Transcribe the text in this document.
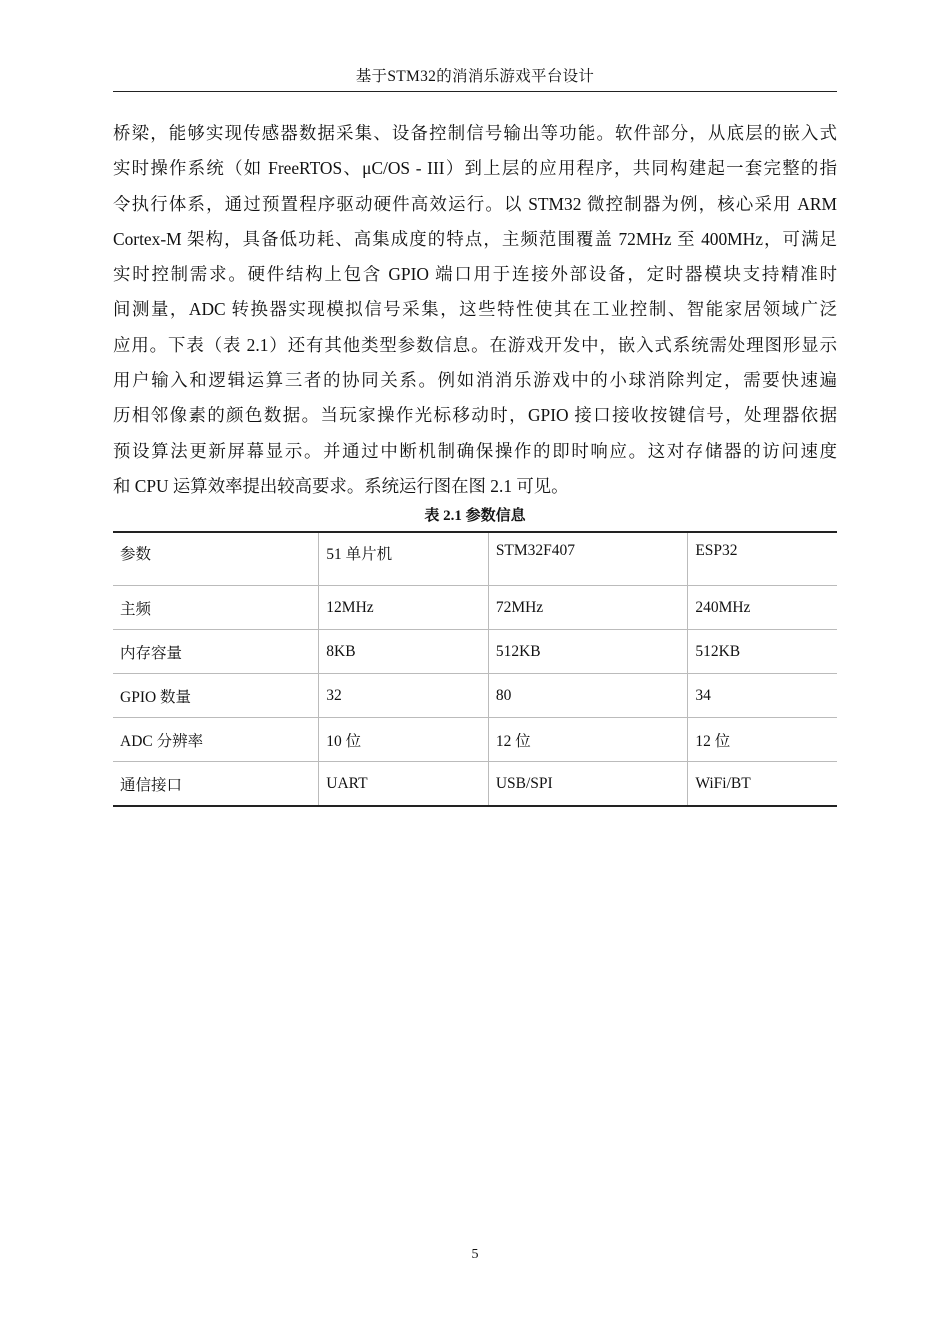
基于STM32的消消乐游戏平台设计

桥梁，能够实现传感器数据采集、设备控制信号输出等功能。软件部分，从底层的嵌入式
实时操作系统（如 FreeRTOS、μC/OS - III）到上层的应用程序，共同构建起一套完整的指
令执行体系，通过预置程序驱动硬件高效运行。以 STM32 微控制器为例，核心采用 ARM
Cortex-M 架构，具备低功耗、高集成度的特点，主频范围覆盖 72MHz 至 400MHz，可满足
实时控制需求。硬件结构上包含 GPIO 端口用于连接外部设备，定时器模块支持精准时
间测量，ADC 转换器实现模拟信号采集，这些特性使其在工业控制、智能家居领域广泛
应用。下表（表 2.1）还有其他类型参数信息。在游戏开发中，嵌入式系统需处理图形显示
用户输入和逻辑运算三者的协同关系。例如消消乐游戏中的小球消除判定，需要快速遍
历相邻像素的颜色数据。当玩家操作光标移动时，GPIO 接口接收按键信号，处理器依据
预设算法更新屏幕显示。并通过中断机制确保操作的即时响应。这对存储器的访问速度
和 CPU 运算效率提出较高要求。系统运行图在图 2.1 可见。

表 2.1 参数信息
参数	51 单片机	STM32F407	ESP32
主频	12MHz	72MHz	240MHz
内存容量	8KB	512KB	512KB
GPIO 数量	32	80	34
ADC 分辨率	10 位	12 位	12 位
通信接口	UART	USB/SPI	WiFi/BT
5
